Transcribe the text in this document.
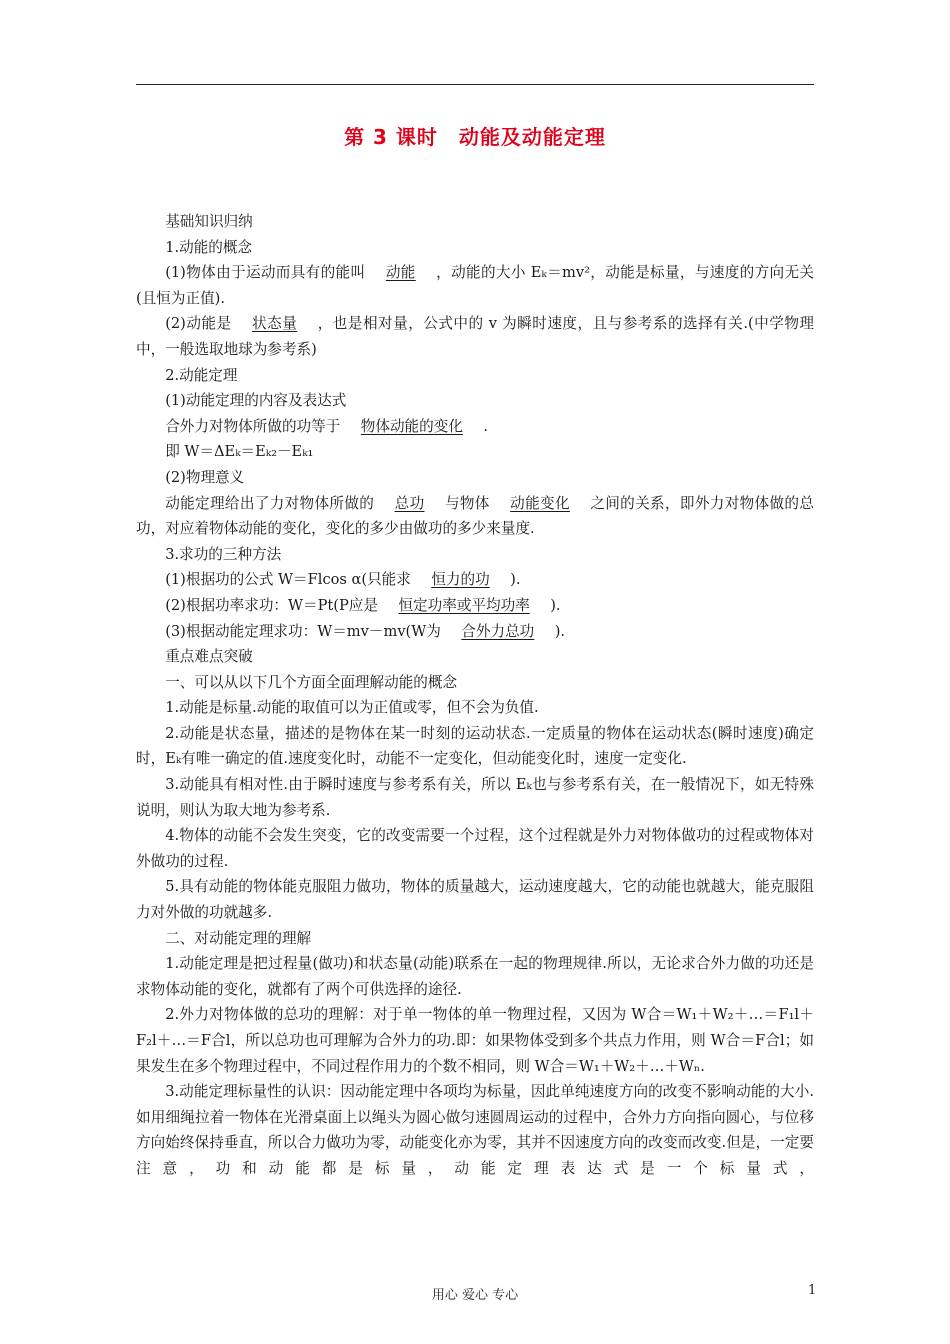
第 3 课时　动能及动能定理

基础知识归纳

1.动能的概念

(1)物体由于运动而具有的能叫 动能 ，动能的大小 Eₖ＝mv²，动能是标量，与速度的方向无关(且恒为正值).

(2)动能是 状态量 ，也是相对量，公式中的 v 为瞬时速度，且与参考系的选择有关.(中学物理中，一般选取地球为参考系)

2.动能定理

(1)动能定理的内容及表达式

合外力对物体所做的功等于 物体动能的变化 .

即 W＝ΔEₖ＝Eₖ₂－Eₖ₁

(2)物理意义

动能定理给出了力对物体所做的 总功 与物体 动能变化 之间的关系，即外力对物体做的总功，对应着物体动能的变化，变化的多少由做功的多少来量度.

3.求功的三种方法

(1)根据功的公式 W＝Flcos α(只能求 恒力的功 ).

(2)根据功率求功：W＝Pt(P应是 恒定功率或平均功率 ).

(3)根据动能定理求功：W＝mv－mv(W为 合外力总功 ).

重点难点突破

一、可以从以下几个方面全面理解动能的概念

1.动能是标量.动能的取值可以为正值或零，但不会为负值.

2.动能是状态量，描述的是物体在某一时刻的运动状态.一定质量的物体在运动状态(瞬时速度)确定时，Eₖ有唯一确定的值.速度变化时，动能不一定变化，但动能变化时，速度一定变化.

3.动能具有相对性.由于瞬时速度与参考系有关，所以 Eₖ也与参考系有关，在一般情况下，如无特殊说明，则认为取大地为参考系.

4.物体的动能不会发生突变，它的改变需要一个过程，这个过程就是外力对物体做功的过程或物体对外做功的过程.

5.具有动能的物体能克服阻力做功，物体的质量越大，运动速度越大，它的动能也就越大，能克服阻力对外做的功就越多.

二、对动能定理的理解

1.动能定理是把过程量(做功)和状态量(动能)联系在一起的物理规律.所以，无论求合外力做的功还是求物体动能的变化，就都有了两个可供选择的途径.

2.外力对物体做的总功的理解：对于单一物体的单一物理过程，又因为 W合＝W₁＋W₂＋…＝F₁l＋F₂l＋…＝F合l，所以总功也可理解为合外力的功.即：如果物体受到多个共点力作用，则 W合＝F合l；如果发生在多个物理过程中，不同过程作用力的个数不相同，则 W合＝W₁＋W₂＋…＋Wₙ.

3.动能定理标量性的认识：因动能定理中各项均为标量，因此单纯速度方向的改变不影响动能的大小.如用细绳拉着一物体在光滑桌面上以绳头为圆心做匀速圆周运动的过程中，合外力方向指向圆心，与位移方向始终保持垂直，所以合力做功为零，动能变化亦为零，其并不因速度方向的改变而改变.但是，一定要注意，功和动能都是标量，动能定理表达式是一个标量式，

用心 爱心 专心	1
